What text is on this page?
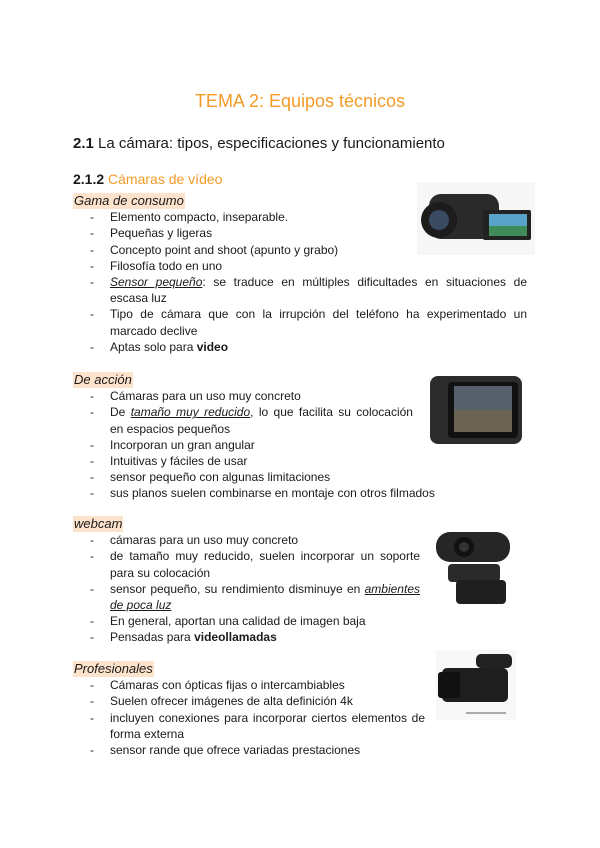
TEMA 2: Equipos técnicos
2.1 La cámara: tipos, especificaciones y funcionamiento
2.1.2 Cámaras de vídeo
Gama de consumo
- Elemento compacto, inseparable.
- Pequeñas y ligeras
- Concepto point and shoot (apunto y grabo)
- Filosofía todo en uno
- Sensor pequeño: se traduce en múltiples dificultades en situaciones de escasa luz
- Tipo de cámara que con la irrupción del teléfono ha experimentado un marcado declive
- Aptas solo para video
De acción
- Cámaras para un uso muy concreto
- De tamaño muy reducido, lo que facilita su colocación en espacios pequeños
- Incorporan un gran angular
- Intuitivas y fáciles de usar
- sensor pequeño con algunas limitaciones
- sus planos suelen combinarse en montaje con otros filmados
webcam
- cámaras para un uso muy concreto
- de tamaño muy reducido, suelen incorporar un soporte para su colocación
- sensor pequeño, su rendimiento disminuye en ambientes de poca luz
- En general, aportan una calidad de imagen baja
- Pensadas para videollamadas
Profesionales
- Cámaras con ópticas fijas o intercambiables
- Suelen ofrecer imágenes de alta definición 4k
- incluyen conexiones para incorporar ciertos elementos de forma externa
- sensor rande que ofrece variadas prestaciones
